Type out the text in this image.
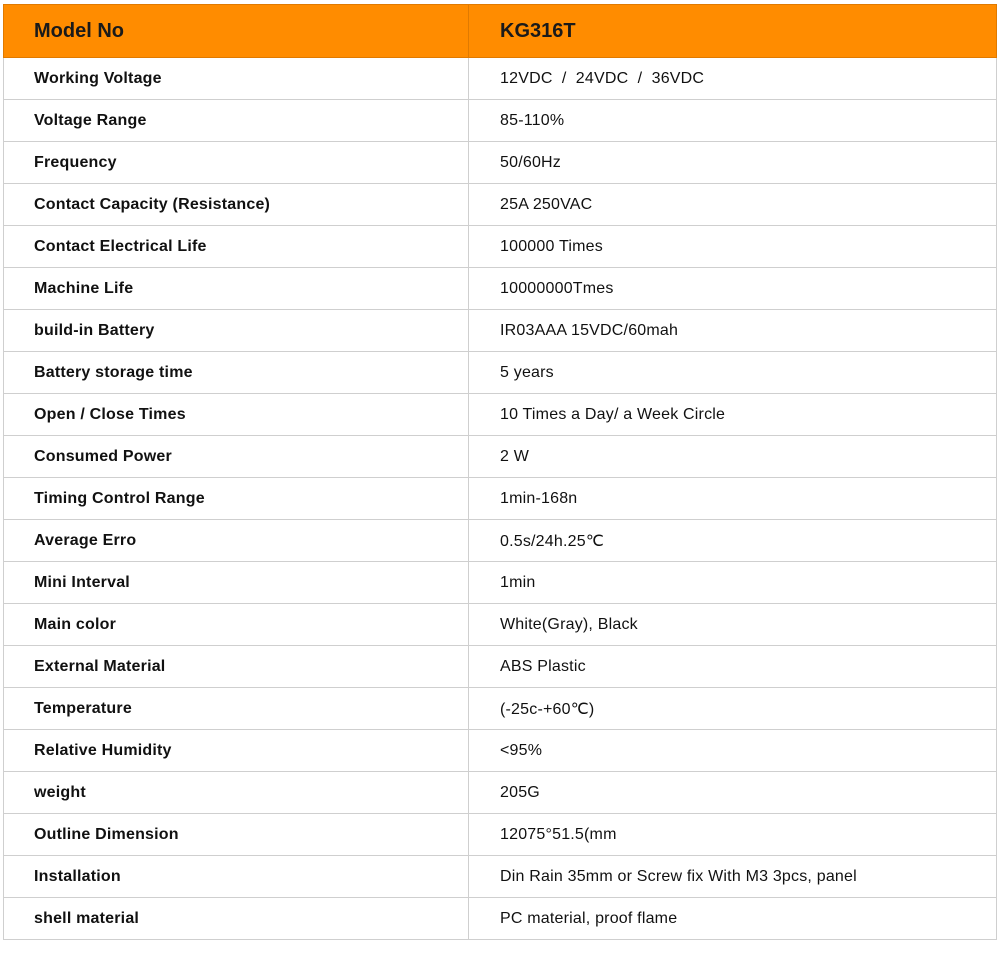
Model No	KG316T

Working Voltage	12VDC  /  24VDC  /  36VDC

Voltage Range	85-110%

Frequency	50/60Hz

Contact Capacity (Resistance)	25A 250VAC

Contact Electrical Life	100000 Times

Machine Life	10000000Tmes

build-in Battery	IR03AAA 15VDC/60mah

Battery storage time	5 years

Open / Close Times	10 Times a Day/ a Week Circle

Consumed Power	2 W

Timing Control Range	1min-168n

Average Erro	0.5s/24h.25℃

Mini Interval	1min

Main color	White(Gray), Black

External Material	ABS Plastic

Temperature	(-25c-+60℃)

Relative Humidity	<95%

weight	205G

Outline Dimension	12075°51.5(mm

Installation	Din Rain 35mm or Screw fix With M3 3pcs, panel

shell material	PC material, proof flame
